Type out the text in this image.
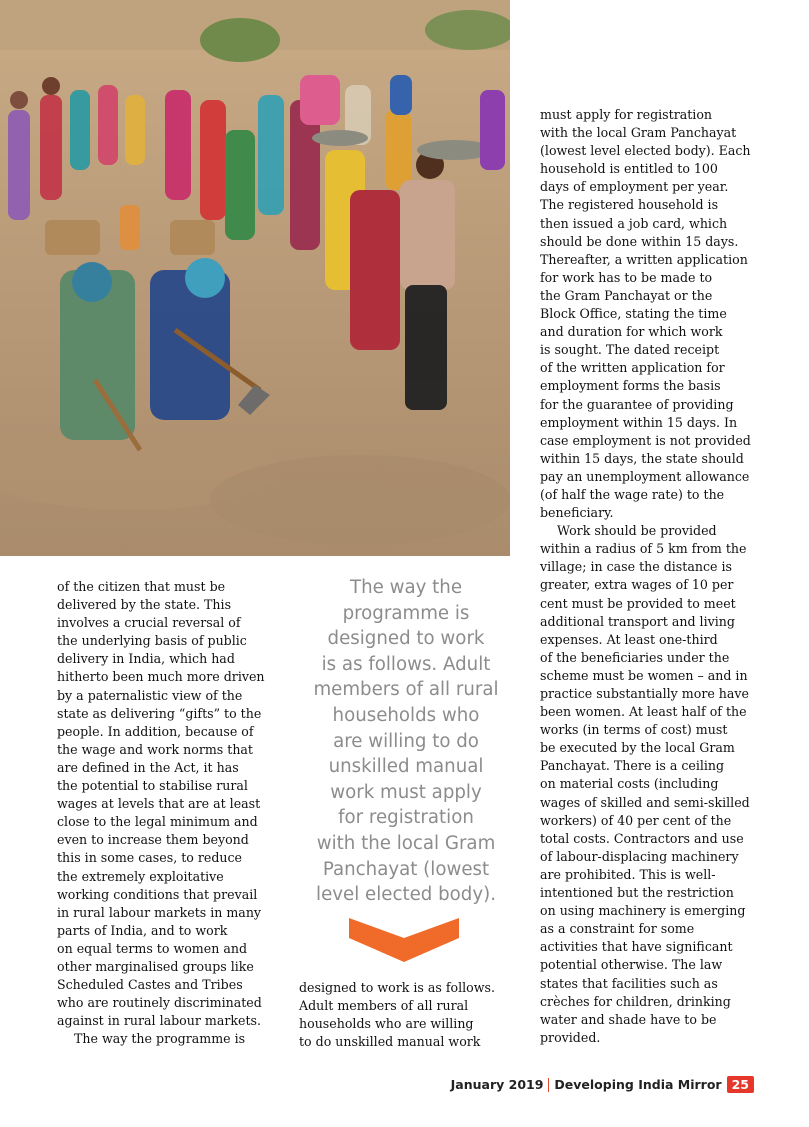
of the citizen that must be

delivered by the state. This

involves a crucial reversal of

the underlying basis of public

delivery in India, which had

hitherto been much more driven

by a paternalistic view of the

state as delivering “gifts” to the

people. In addition, because of

the wage and work norms that

are defined in the Act, it has

the potential to stabilise rural

wages at levels that are at least

close to the legal minimum and

even to increase them beyond

this in some cases, to reduce

the extremely exploitative

working conditions that prevail

in rural labour markets in many

parts of India, and to work

on equal terms to women and

other marginalised groups like

Scheduled Castes and Tribes

who are routinely discriminated

against in rural labour markets.

The way the programme is

The way the

programme is

designed to work

is as follows. Adult

members of all rural

households who

are willing to do

unskilled manual

work must apply

for registration

with the local Gram

Panchayat (lowest

level elected body).

designed to work is as follows.

Adult members of all rural

households who are willing

to do unskilled manual work

must apply for registration

with the local Gram Panchayat

(lowest level elected body). Each

household is entitled to 100

days of employment per year.

The registered household is

then issued a job card, which

should be done within 15 days.

Thereafter, a written application

for work has to be made to

the Gram Panchayat or the

Block Office, stating the time

and duration for which work

is sought. The dated receipt

of the written application for

employment forms the basis

for the guarantee of providing

employment within 15 days. In

case employment is not provided

within 15 days, the state should

pay an unemployment allowance

(of half the wage rate) to the

beneficiary.

Work should be provided

within a radius of 5 km from the

village; in case the distance is

greater, extra wages of 10 per

cent must be provided to meet

additional transport and living

expenses. At least one-third

of the beneficiaries under the

scheme must be women – and in

practice substantially more have

been women. At least half of the

works (in terms of cost) must

be executed by the local Gram

Panchayat. There is a ceiling

on material costs (including

wages of skilled and semi-skilled

workers) of 40 per cent of the

total costs. Contractors and use

of labour-displacing machinery

are prohibited. This is well-

intentioned but the restriction

on using machinery is emerging

as a constraint for some

activities that have significant

potential otherwise. The law

states that facilities such as

crèches for children, drinking

water and shade have to be

provided.

January 2019 Developing India Mirror 25
